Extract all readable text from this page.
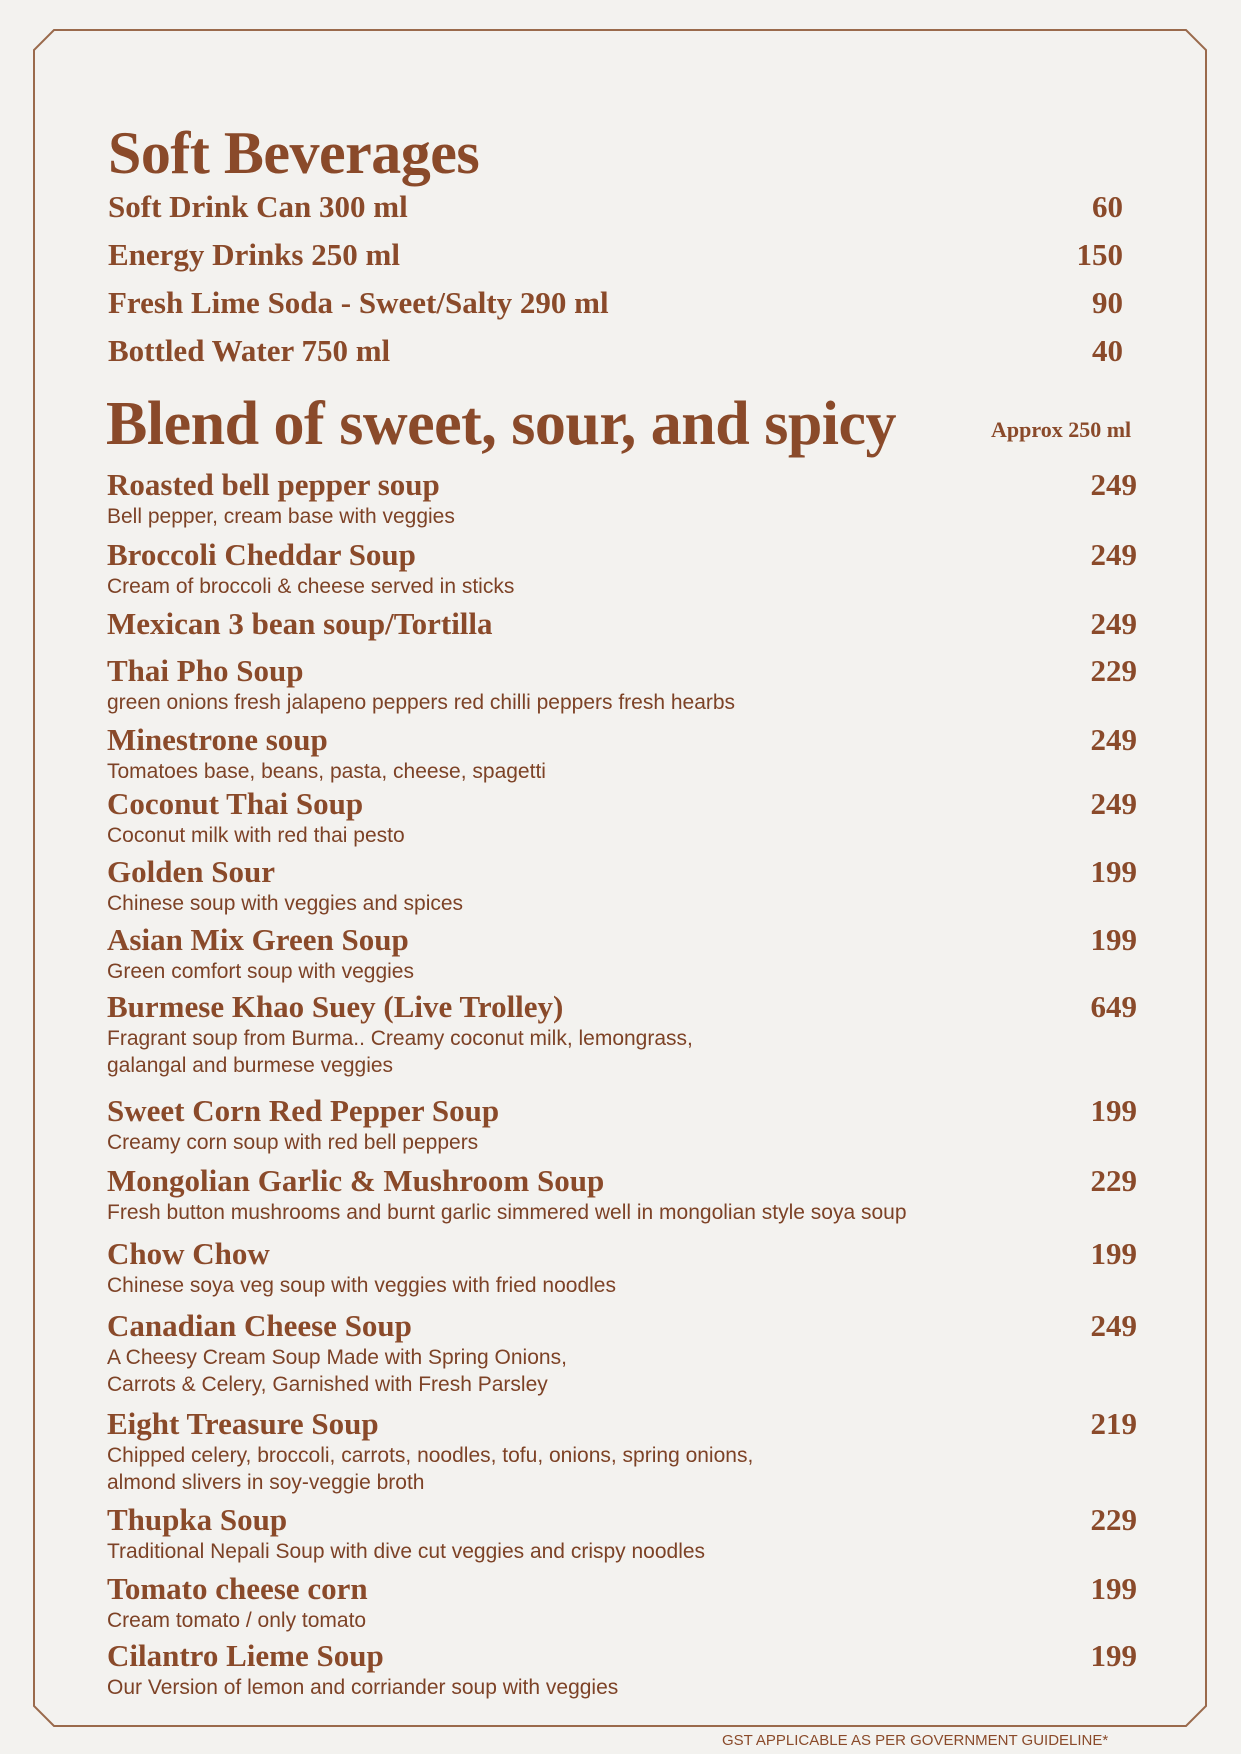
Soft Beverages
Soft Drink Can 300 ml	60
Energy Drinks 250 ml	150
Fresh Lime Soda - Sweet/Salty 290 ml	90
Bottled Water 750 ml	40
Blend of sweet, sour, and spicy	Approx 250 ml
Roasted bell pepper soup	249
Bell pepper, cream base with veggies
Broccoli Cheddar Soup	249
Cream of broccoli & cheese served in sticks
Mexican 3 bean soup/Tortilla	249
Thai Pho Soup	229
green onions fresh jalapeno peppers red chilli peppers fresh hearbs
Minestrone soup	249
Tomatoes base, beans, pasta, cheese, spagetti
Coconut Thai Soup	249
Coconut milk with red thai pesto
Golden Sour	199
Chinese soup with veggies and spices
Asian Mix Green Soup	199
Green comfort soup with veggies
Burmese Khao Suey (Live Trolley)	649
Fragrant soup from Burma.. Creamy coconut milk, lemongrass,
galangal and burmese veggies
Sweet Corn Red Pepper Soup	199
Creamy corn soup with red bell peppers
Mongolian Garlic & Mushroom Soup	229
Fresh button mushrooms and burnt garlic simmered well in mongolian style soya soup
Chow Chow	199
Chinese soya veg soup with veggies with fried noodles
Canadian Cheese Soup	249
A Cheesy Cream Soup Made with Spring Onions,
Carrots & Celery, Garnished with Fresh Parsley
Eight Treasure Soup	219
Chipped celery, broccoli, carrots, noodles, tofu, onions, spring onions,
almond slivers in soy-veggie broth
Thupka Soup	229
Traditional Nepali Soup with dive cut veggies and crispy noodles
Tomato cheese corn	199
Cream tomato / only tomato
Cilantro Lieme Soup	199
Our Version of lemon and corriander soup with veggies
GST APPLICABLE AS PER GOVERNMENT GUIDELINE*
